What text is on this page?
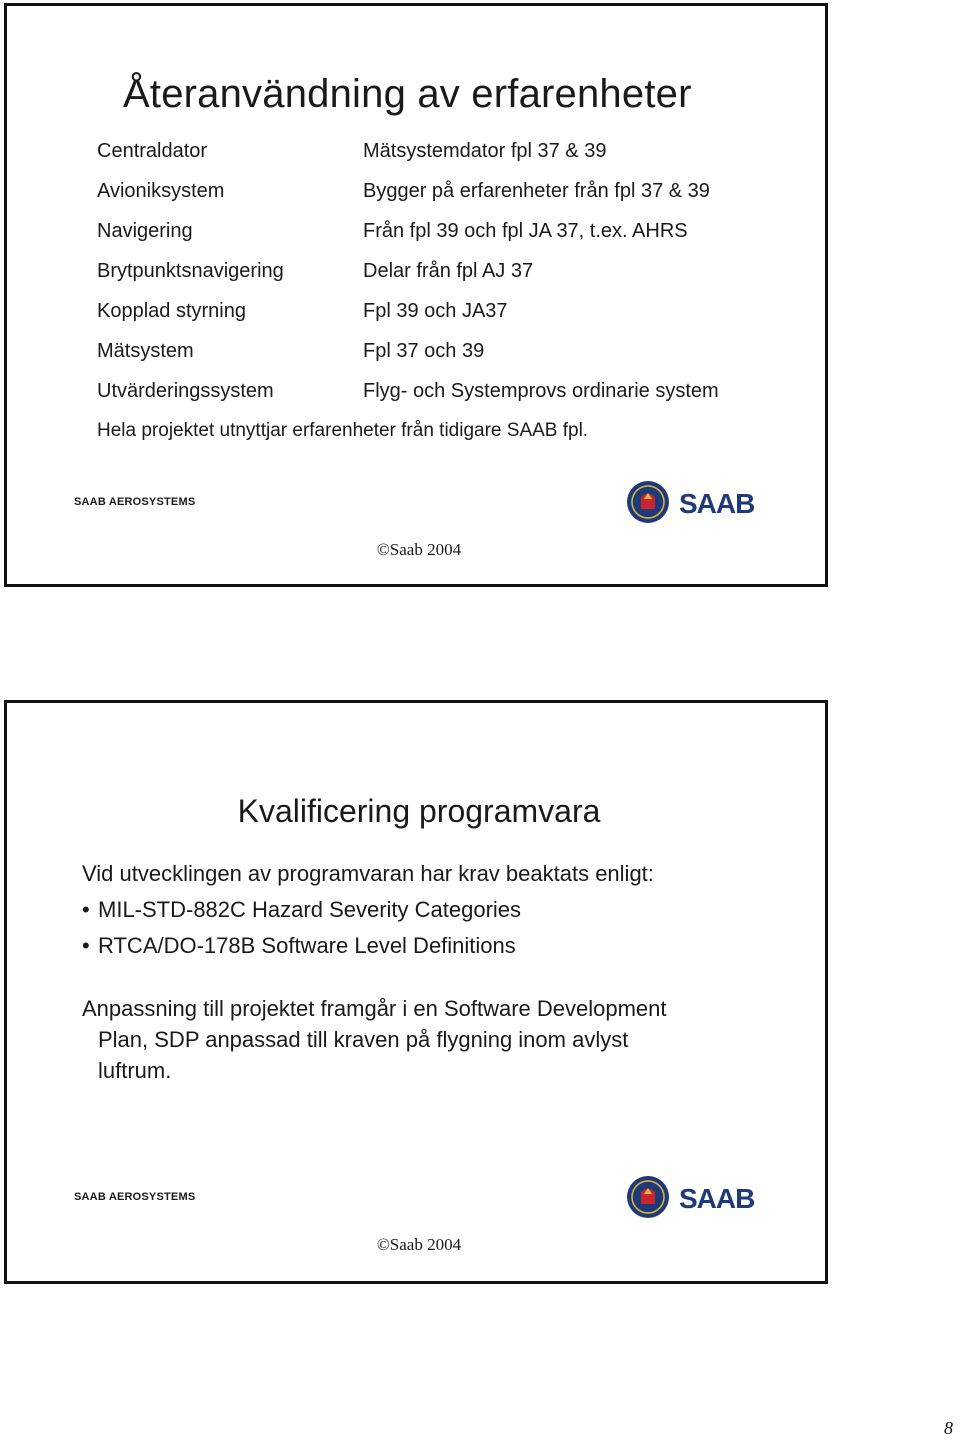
Återanvändning av erfarenheter
Centraldator	Mätsystemdator fpl 37 & 39
Avioniksystem	Bygger på erfarenheter från fpl 37 & 39
Navigering	Från fpl 39 och fpl JA 37, t.ex. AHRS
Brytpunktsnavigering	Delar från fpl AJ 37
Kopplad styrning	Fpl 39 och JA37
Mätsystem	Fpl 37 och 39
Utvärderingssystem	Flyg- och Systemprovs ordinarie system
Hela projektet utnyttjar erfarenheter från tidigare SAAB fpl.
SAAB AEROSYSTEMS	SAAB
©Saab 2004
Kvalificering programvara
Vid utvecklingen av programvaran har krav beaktats enligt:
• MIL-STD-882C Hazard Severity Categories
• RTCA/DO-178B Software Level Definitions
Anpassning till projektet framgår i en Software Development
Plan, SDP anpassad till kraven på flygning inom avlyst
luftrum.
SAAB AEROSYSTEMS	SAAB
©Saab 2004
8
